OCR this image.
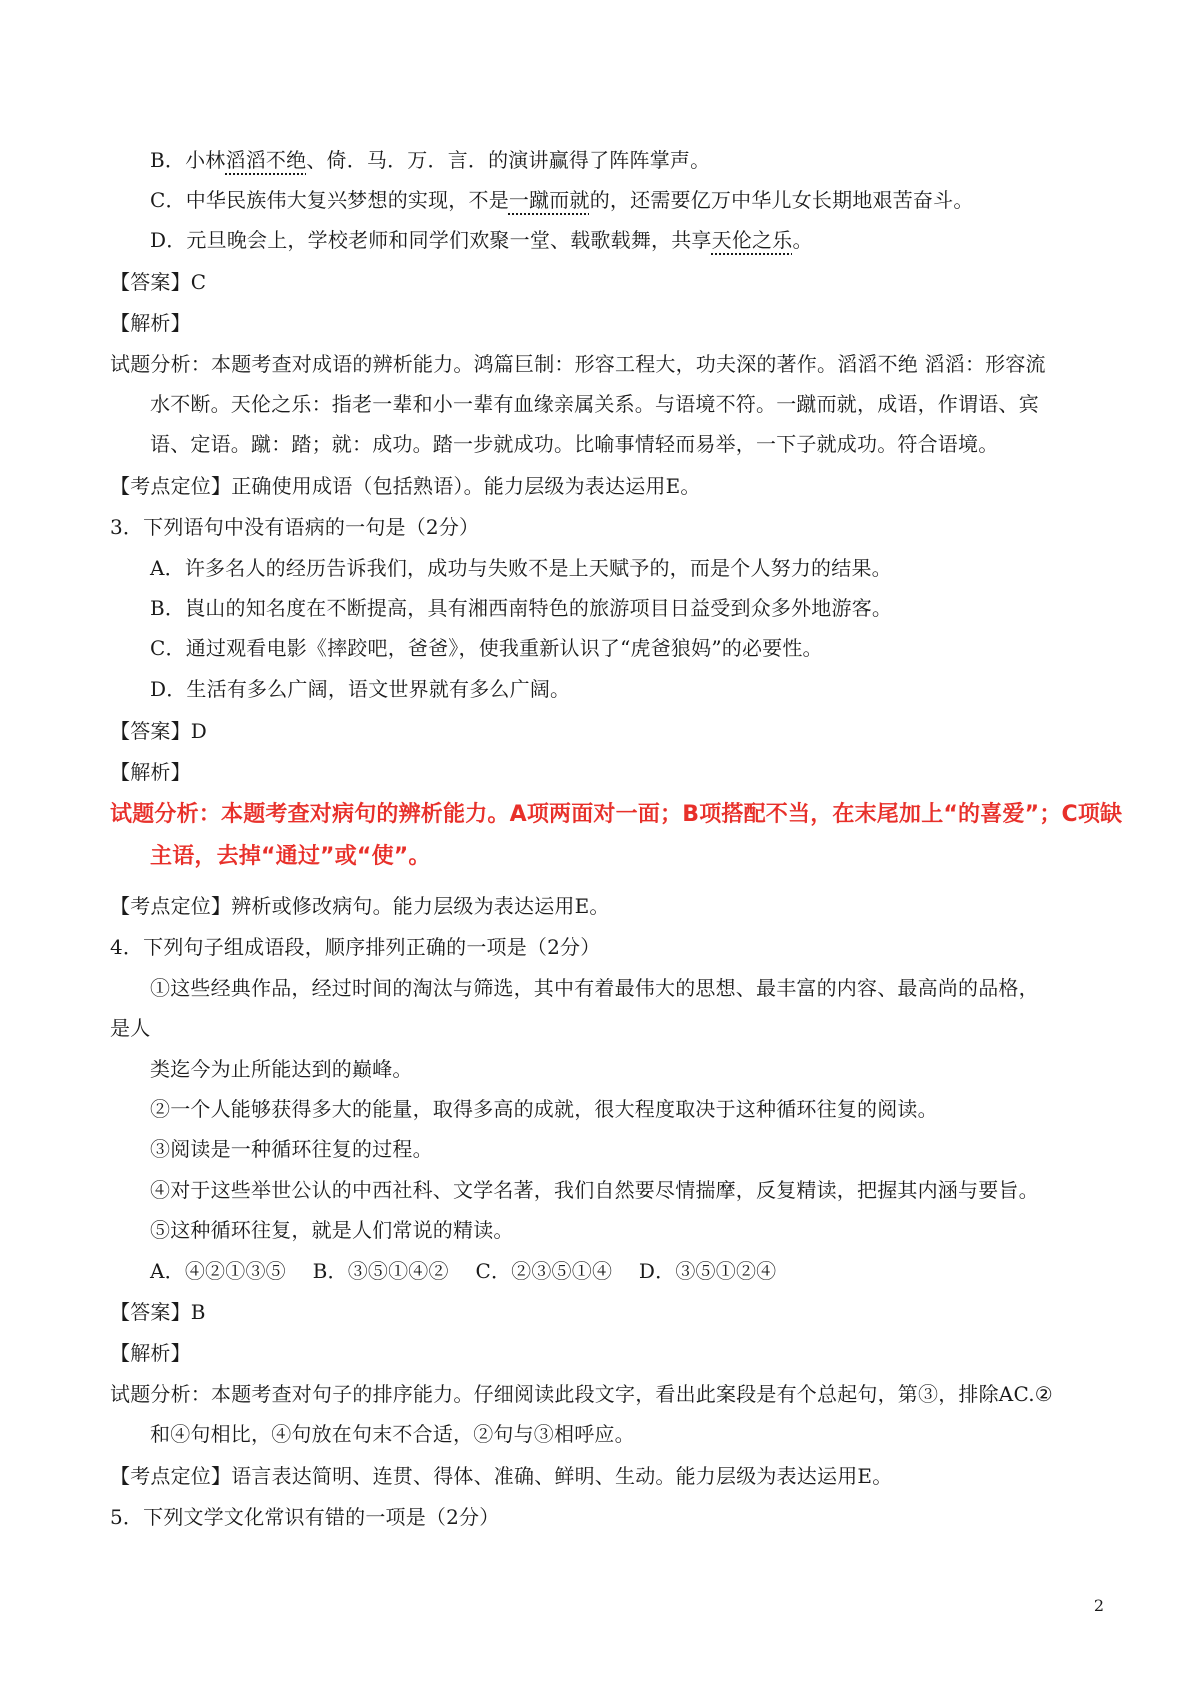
B．小林滔滔不绝、倚．马．万．言．的演讲赢得了阵阵掌声。
C．中华民族伟大复兴梦想的实现，不是一蹴而就的，还需要亿万中华儿女长期地艰苦奋斗。
D．元旦晚会上，学校老师和同学们欢聚一堂、载歌载舞，共享天伦之乐。
【答案】C
【解析】
试题分析：本题考查对成语的辨析能力。鸿篇巨制：形容工程大，功夫深的著作。滔滔不绝 滔滔：形容流
水不断。天伦之乐：指老一辈和小一辈有血缘亲属关系。与语境不符。一蹴而就，成语，作谓语、宾
语、定语。蹴：踏；就：成功。踏一步就成功。比喻事情轻而易举，一下子就成功。符合语境。
【考点定位】正确使用成语（包括熟语）。能力层级为表达运用E。
3．下列语句中没有语病的一句是（2分）
A．许多名人的经历告诉我们，成功与失败不是上天赋予的，而是个人努力的结果。
B．崀山的知名度在不断提高，具有湘西南特色的旅游项目日益受到众多外地游客。
C．通过观看电影《摔跤吧，爸爸》，使我重新认识了“虎爸狼妈”的必要性。
D．生活有多么广阔，语文世界就有多么广阔。
【答案】D
【解析】
试题分析：本题考查对病句的辨析能力。A项两面对一面；B项搭配不当，在末尾加上“的喜爱”；C项缺
主语，去掉“通过”或“使”。
【考点定位】辨析或修改病句。能力层级为表达运用E。
4．下列句子组成语段，顺序排列正确的一项是（2分）
①这些经典作品，经过时间的淘汰与筛选，其中有着最伟大的思想、最丰富的内容、最高尚的品格，
是人
类迄今为止所能达到的巅峰。
②一个人能够获得多大的能量，取得多高的成就，很大程度取决于这种循环往复的阅读。
③阅读是一种循环往复的过程。
④对于这些举世公认的中西社科、文学名著，我们自然要尽情揣摩，反复精读，把握其内涵与要旨。
⑤这种循环往复，就是人们常说的精读。
A．④②①③⑤　 B．③⑤①④②　 C．②③⑤①④　 D．③⑤①②④
【答案】B
【解析】
试题分析：本题考查对句子的排序能力。仔细阅读此段文字，看出此案段是有个总起句，第③，排除AC.②
和④句相比，④句放在句末不合适，②句与③相呼应。
【考点定位】语言表达简明、连贯、得体、准确、鲜明、生动。能力层级为表达运用E。
5．下列文学文化常识有错的一项是（2分）
2
